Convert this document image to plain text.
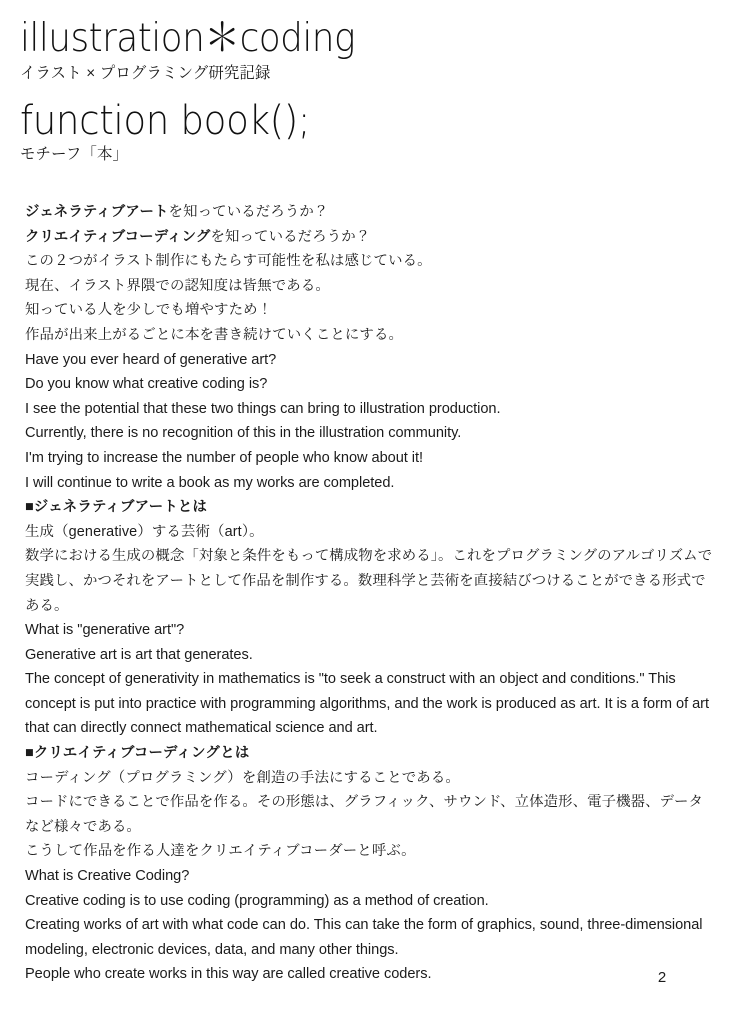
illustration＊coding
イラスト × プログラミング研究記録
function book();
モチーフ「本」
ジェネラティブアートを知っているだろうか？
クリエイティブコーディングを知っているだろうか？
この２つがイラスト制作にもたらす可能性を私は感じている。
現在、イラスト界隈での認知度は皆無である。
知っている人を少しでも増やすため！
作品が出来上がるごとに本を書き続けていくことにする。
Have you ever heard of generative art?
Do you know what creative coding is?
I see the potential that these two things can bring to illustration production.
Currently, there is no recognition of this in the illustration community.
I'm trying to increase the number of people who know about it!
I will continue to write a book as my works are completed.
■ジェネラティブアートとは
生成（generative）する芸術（art）。
数学における生成の概念「対象と条件をもって構成物を求める」。これをプログラミングのアルゴリズムで実践し、かつそれをアートとして作品を制作する。数理科学と芸術を直接結びつけることができる形式である。
What is "generative art"?
Generative art is art that generates.
The concept of generativity in mathematics is "to seek a construct with an object and conditions." This concept is put into practice with programming algorithms, and the work is produced as art. It is a form of art that can directly connect mathematical science and art.
■クリエイティブコーディングとは
コーディング（プログラミング）を創造の手法にすることである。
コードにできることで作品を作る。その形態は、グラフィック、サウンド、立体造形、電子機器、データなど様々である。
こうして作品を作る人達をクリエイティブコーダーと呼ぶ。
What is Creative Coding?
Creative coding is to use coding (programming) as a method of creation.
Creating works of art with what code can do. This can take the form of graphics, sound, three-dimensional modeling, electronic devices, data, and many other things.
People who create works in this way are called creative coders.	2
